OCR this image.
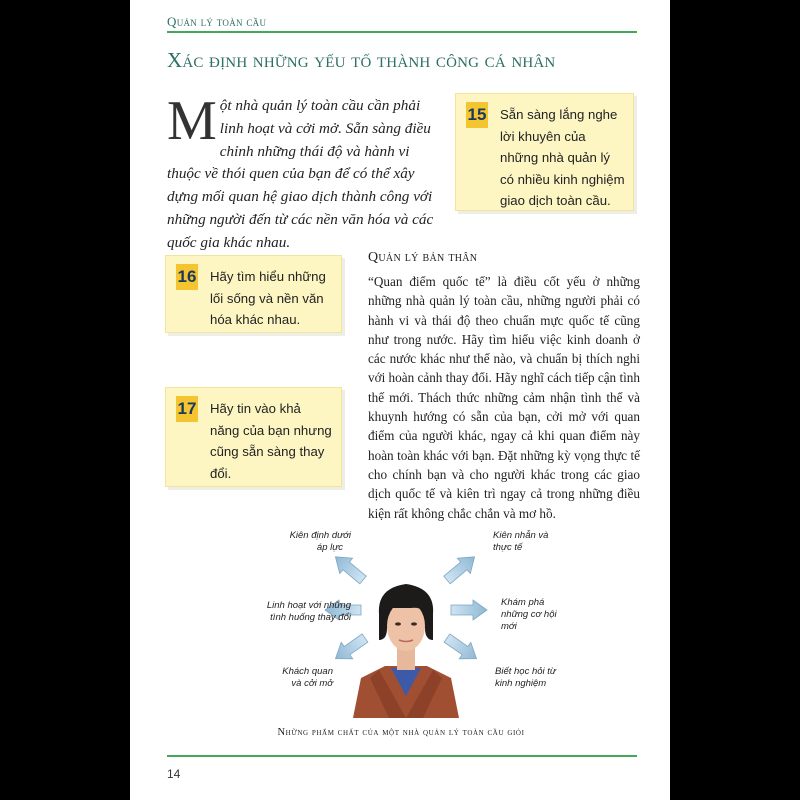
Quản lý toàn cầu
Xác định những yếu tố thành công cá nhân
Một nhà quản lý toàn cầu cần phải linh hoạt và cởi mở. Sẵn sàng điều chỉnh những thái độ và hành vi thuộc về thói quen của bạn để có thể xây dựng mối quan hệ giao dịch thành công với những người đến từ các nền văn hóa và các quốc gia khác nhau.
15 Sẵn sàng lắng nghe lời khuyên của những nhà quản lý có nhiều kinh nghiệm giao dịch toàn cầu.
16 Hãy tìm hiểu những lối sống và nền văn hóa khác nhau.
17 Hãy tin vào khả năng của bạn nhưng cũng sẵn sàng thay đổi.
Quản lý bản thân
“Quan điểm quốc tế” là điều cốt yếu ở những những nhà quản lý toàn cầu, những người phải có hành vi và thái độ theo chuẩn mực quốc tế cũng như trong nước. Hãy tìm hiểu việc kinh doanh ở các nước khác như thế nào, và chuẩn bị thích nghi với hoàn cảnh thay đổi. Hãy nghĩ cách tiếp cận tình thế mới. Thách thức những cảm nhận tình thế và khuynh hướng có sẵn của bạn, cởi mở với quan điểm của người khác, ngay cả khi quan điểm này hoàn toàn khác với bạn. Đặt những kỳ vọng thực tế cho chính bạn và cho người khác trong các giao dịch quốc tế và kiên trì ngay cả trong những điều kiện rất không chắc chắn và mơ hồ.
Kiên định dưới
áp lực
Linh hoạt với những
tình huống thay đổi
Khách quan
và cởi mở
Kiên nhẫn và
thực tế
Khám phá
những cơ hội
mới
Biết học hỏi từ
kinh nghiệm
Những phẩm chất của một nhà quản lý toàn cầu giỏi
14
